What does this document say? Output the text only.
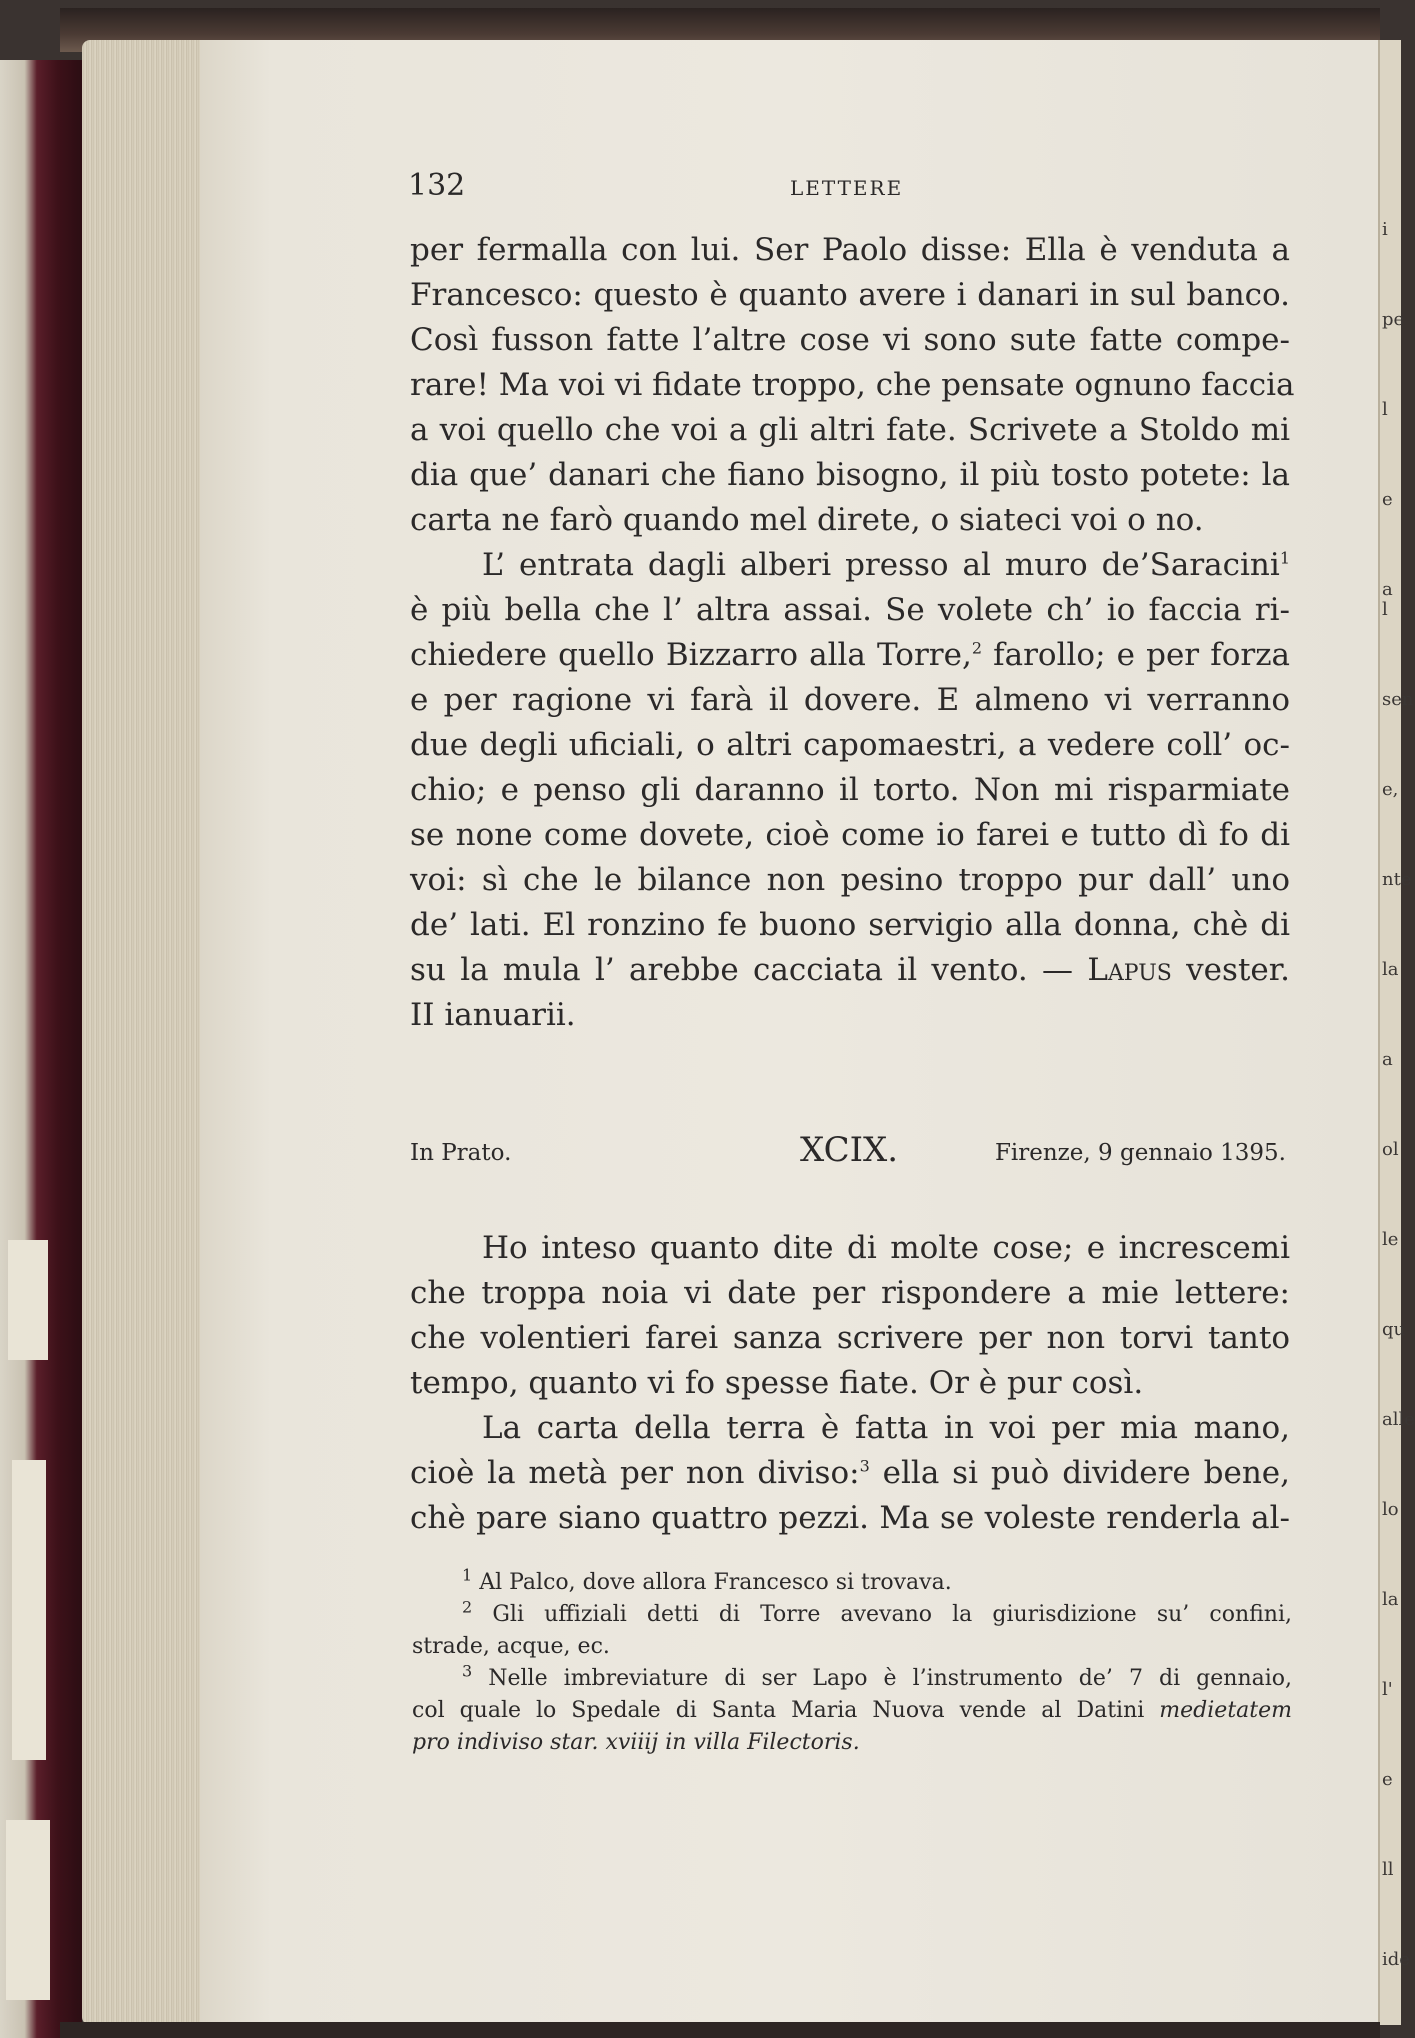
i
pe
l
e
a l
sen
e,
nte
la
a
ol
le
qu
alle
lo
la
l'
e
ll
ide
132	LETTERE
per fermalla con lui. Ser Paolo disse: Ella è venduta a
Francesco: questo è quanto avere i danari in sul banco.
Così fusson fatte l’altre cose vi sono sute fatte compe-
rare! Ma voi vi fidate troppo, che pensate ognuno faccia
a voi quello che voi a gli altri fate. Scrivete a Stoldo mi
dia que’ danari che fiano bisogno, il più tosto potete: la
carta ne farò quando mel direte, o siateci voi o no.
L’ entrata dagli alberi presso al muro de’Saracini$^1$
è più bella che l’ altra assai. Se volete ch’ io faccia ri-
chiedere quello Bizzarro alla Torre,$^2$ farollo; e per forza
e per ragione vi farà il dovere. E almeno vi verranno
due degli uficiali, o altri capomaestri, a vedere coll’ oc-
chio; e penso gli daranno il torto. Non mi risparmiate
se none come dovete, cioè come io farei e tutto dì fo di
voi: sì che le bilance non pesino troppo pur dall’ uno
de’ lati. El ronzino fe buono servigio alla donna, chè di
su la mula l’ arebbe cacciata il vento. — Lapus vester.
II ianuarii.
In Prato.	XCIX.	Firenze, 9 gennaio 1395.
Ho inteso quanto dite di molte cose; e increscemi
che troppa noia vi date per rispondere a mie lettere:
che volentieri farei sanza scrivere per non torvi tanto
tempo, quanto vi fo spesse fiate. Or è pur così.
La carta della terra è fatta in voi per mia mano,
cioè la metà per non diviso:$^3$ ella si può dividere bene,
chè pare siano quattro pezzi. Ma se voleste renderla al-
$^1$ Al Palco, dove allora Francesco si trovava.
$^2$ Gli uffiziali detti di Torre avevano la giurisdizione su’ confini,
strade, acque, ec.
$^3$ Nelle imbreviature di ser Lapo è l’instrumento de’ 7 di gennaio,
col quale lo Spedale di Santa Maria Nuova vende al Datini medietatem
pro indiviso star. xviiij in villa Filectoris.
